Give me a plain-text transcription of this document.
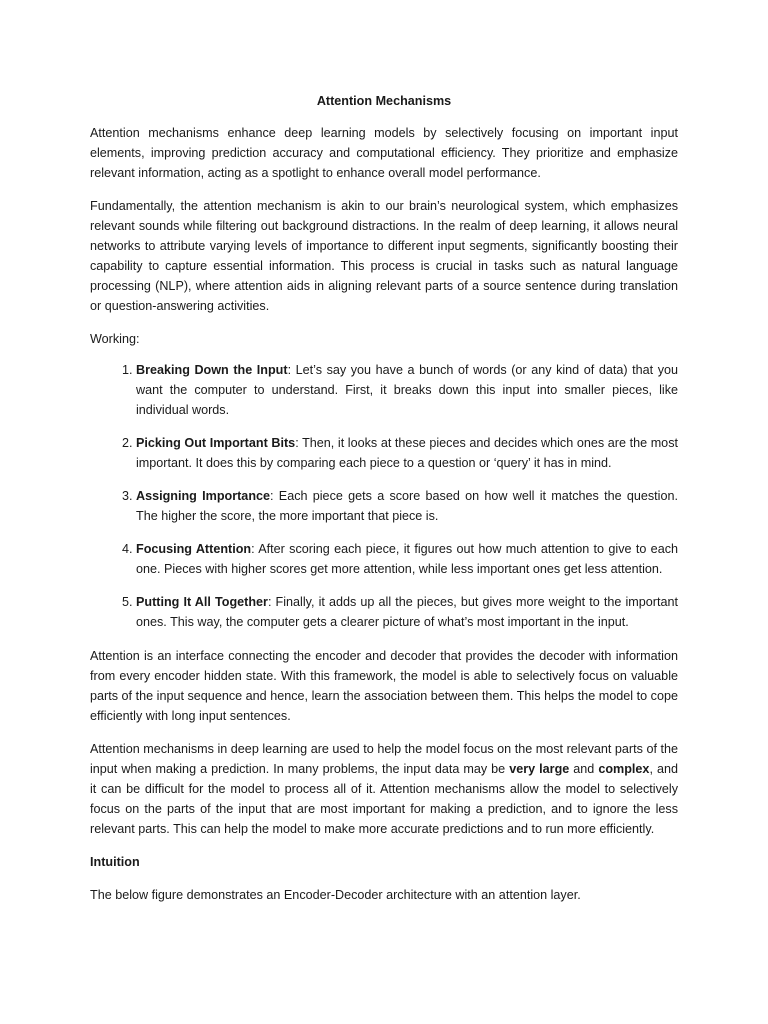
Attention Mechanisms

Attention mechanisms enhance deep learning models by selectively focusing on important input elements, improving prediction accuracy and computational efficiency. They prioritize and emphasize relevant information, acting as a spotlight to enhance overall model performance.

Fundamentally, the attention mechanism is akin to our brain’s neurological system, which emphasizes relevant sounds while filtering out background distractions. In the realm of deep learning, it allows neural networks to attribute varying levels of importance to different input segments, significantly boosting their capability to capture essential information. This process is crucial in tasks such as natural language processing (NLP), where attention aids in aligning relevant parts of a source sentence during translation or question-answering activities.

Working:

1. Breaking Down the Input: Let’s say you have a bunch of words (or any kind of data) that you want the computer to understand. First, it breaks down this input into smaller pieces, like individual words.
2. Picking Out Important Bits: Then, it looks at these pieces and decides which ones are the most important. It does this by comparing each piece to a question or ‘query’ it has in mind.
3. Assigning Importance: Each piece gets a score based on how well it matches the question. The higher the score, the more important that piece is.
4. Focusing Attention: After scoring each piece, it figures out how much attention to give to each one. Pieces with higher scores get more attention, while less important ones get less attention.
5. Putting It All Together: Finally, it adds up all the pieces, but gives more weight to the important ones. This way, the computer gets a clearer picture of what’s most important in the input.

Attention is an interface connecting the encoder and decoder that provides the decoder with information from every encoder hidden state. With this framework, the model is able to selectively focus on valuable parts of the input sequence and hence, learn the association between them. This helps the model to cope efficiently with long input sentences.

Attention mechanisms in deep learning are used to help the model focus on the most relevant parts of the input when making a prediction. In many problems, the input data may be very large and complex, and it can be difficult for the model to process all of it. Attention mechanisms allow the model to selectively focus on the parts of the input that are most important for making a prediction, and to ignore the less relevant parts. This can help the model to make more accurate predictions and to run more efficiently.

Intuition

The below figure demonstrates an Encoder-Decoder architecture with an attention layer.
